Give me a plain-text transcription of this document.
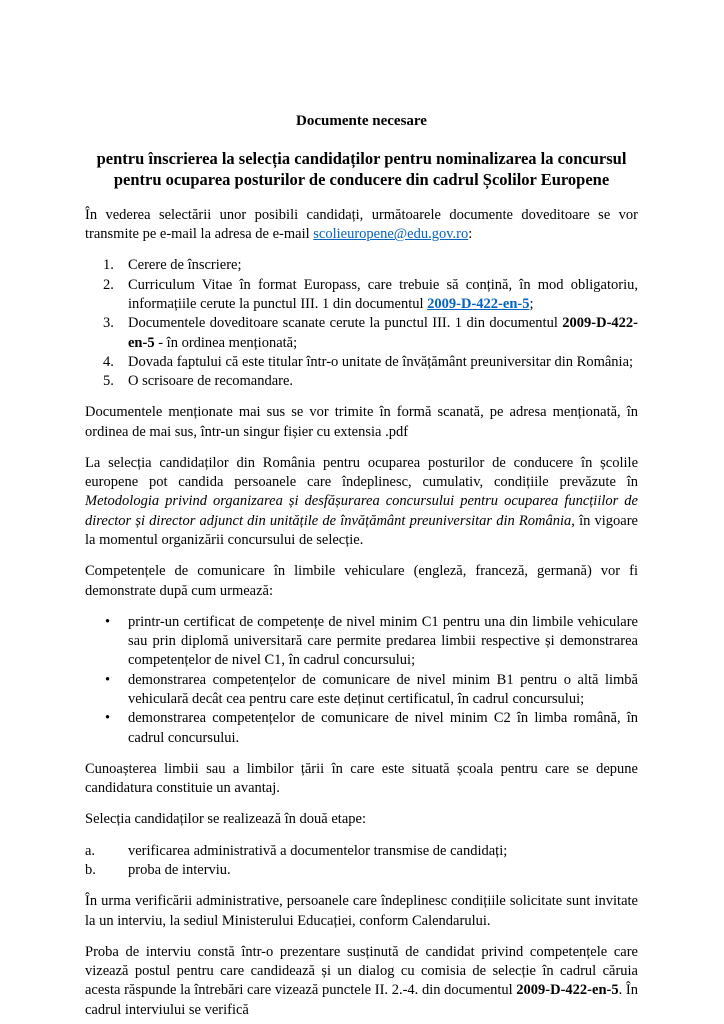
Documente necesare

pentru înscrierea la selecția candidaților pentru nominalizarea la concursul pentru ocuparea posturilor de conducere din cadrul Școlilor Europene

În vederea selectării unor posibili candidați, următoarele documente doveditoare se vor transmite pe e-mail la adresa de e-mail scolieuropene@edu.gov.ro:

1. Cerere de înscriere;
2. Curriculum Vitae în format Europass, care trebuie să conțină, în mod obligatoriu, informațiile cerute la punctul III. 1 din documentul 2009-D-422-en-5;
3. Documentele doveditoare scanate cerute la punctul III. 1 din documentul 2009-D-422-en-5 - în ordinea menționată;
4. Dovada faptului că este titular într-o unitate de învățământ preuniversitar din România;
5. O scrisoare de recomandare.

Documentele menționate mai sus se vor trimite în formă scanată, pe adresa menționată, în ordinea de mai sus, într-un singur fișier cu extensia .pdf

La selecția candidaților din România pentru ocuparea posturilor de conducere în școlile europene pot candida persoanele care îndeplinesc, cumulativ, condițiile prevăzute în Metodologia privind organizarea și desfășurarea concursului pentru ocuparea funcțiilor de director și director adjunct din unitățile de învățământ preuniversitar din România, în vigoare la momentul organizării concursului de selecție.

Competențele de comunicare în limbile vehiculare (engleză, franceză, germană) vor fi demonstrate după cum urmează:

• printr-un certificat de competențe de nivel minim C1 pentru una din limbile vehiculare sau prin diplomă universitară care permite predarea limbii respective și demonstrarea competențelor de nivel C1, în cadrul concursului;
• demonstrarea competențelor de comunicare de nivel minim B1 pentru o altă limbă vehiculară decât cea pentru care este deținut certificatul, în cadrul concursului;
• demonstrarea competențelor de comunicare de nivel minim C2 în limba română, în cadrul concursului.

Cunoașterea limbii sau a limbilor țării în care este situată școala pentru care se depune candidatura constituie un avantaj.

Selecția candidaților se realizează în două etape:

a.	verificarea administrativă a documentelor transmise de candidați;
b.	proba de interviu.

În urma verificării administrative, persoanele care îndeplinesc condițiile solicitate sunt invitate la un interviu, la sediul Ministerului Educației, conform Calendarului.

Proba de interviu constă într-o prezentare susținută de candidat privind competențele care vizează postul pentru care candidează și un dialog cu comisia de selecție în cadrul căruia acesta răspunde la întrebări care vizează punctele II. 2.-4. din documentul 2009-D-422-en-5. În cadrul interviului se verifică
